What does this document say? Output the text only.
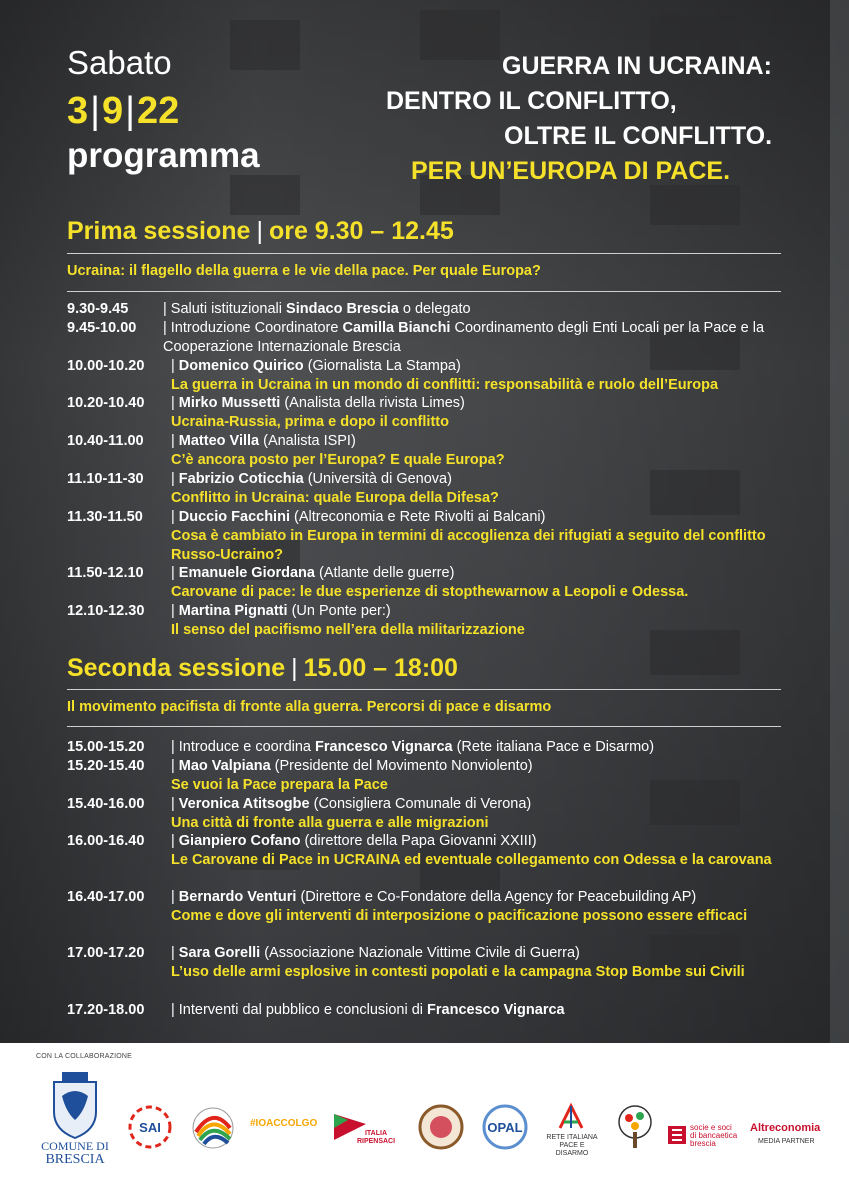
Sabato
3|9|22
programma
GUERRA IN UCRAINA:
DENTRO IL CONFLITTO,
OLTRE IL CONFLITTO.
PER UN’EUROPA DI PACE.
Prima sessione | ore 9.30 – 12.45
Ucraina: il flagello della guerra e le vie della pace. Per quale Europa?
Seconda sessione | 15.00 – 18:00
Il movimento pacifista di fronte alla guerra. Percorsi di pace e disarmo
9.30-9.45 | Saluti istituzionali Sindaco Brescia o delegato
9.45-10.00 | Introduzione Coordinatore Camilla Bianchi Coordinamento degli Enti Locali per la Pace e la Cooperazione Internazionale Brescia
10.00-10.20 | Domenico Quirico (Giornalista La Stampa)
La guerra in Ucraina in un mondo di conflitti: responsabilità e ruolo dell’Europa
10.20-10.40 | Mirko Mussetti (Analista della rivista Limes)
Ucraina-Russia, prima e dopo il conflitto
10.40-11.00 | Matteo Villa (Analista ISPI)
C’è ancora posto per l’Europa? E quale Europa?
11.10-11-30 | Fabrizio Coticchia (Università di Genova)
Conflitto in Ucraina: quale Europa della Difesa?
11.30-11.50 | Duccio Facchini (Altreconomia e Rete Rivolti ai Balcani)
Cosa è cambiato in Europa in termini di accoglienza dei rifugiati a seguito del conflitto Russo-Ucraino?
11.50-12.10 | Emanuele Giordana (Atlante delle guerre)
Carovane di pace: le due esperienze di stopthewarnow a Leopoli e Odessa.
12.10-12.30 | Martina Pignatti (Un Ponte per:)
Il senso del pacifismo nell’era della militarizzazione
15.00-15.20 | Introduce e coordina Francesco Vignarca (Rete italiana Pace e Disarmo)
15.20-15.40 | Mao Valpiana (Presidente del Movimento Nonviolento)
Se vuoi la Pace prepara la Pace
15.40-16.00 | Veronica Atitsogbe (Consigliera Comunale di Verona)
Una città di fronte alla guerra e alle migrazioni
16.00-16.40 | Gianpiero Cofano (direttore della Papa Giovanni XXIII)
Le Carovane di Pace in UCRAINA ed eventuale collegamento con Odessa e la carovana
16.40-17.00 | Bernardo Venturi (Direttore e Co-Fondatore della Agency for Peacebuilding AP)
Come e dove gli interventi di interposizione o pacificazione possono essere efficaci
17.00-17.20 | Sara Gorelli (Associazione Nazionale Vittime Civile di Guerra)
L’uso delle armi esplosive in contesti popolati e la campagna Stop Bombe sui Civili
17.20-18.00 | Interventi dal pubblico e conclusioni di Francesco Vignarca
CON LA COLLABORAZIONE
COMUNE DI
BRESCIA
SAI	#IOACCOLGO
ITALIA RIPENSACI
OPAL
RETE ITALIANA
PACE E DISARMO
socie e soci
di bancaetica
brescia
Altreconomia
MEDIA PARTNER
